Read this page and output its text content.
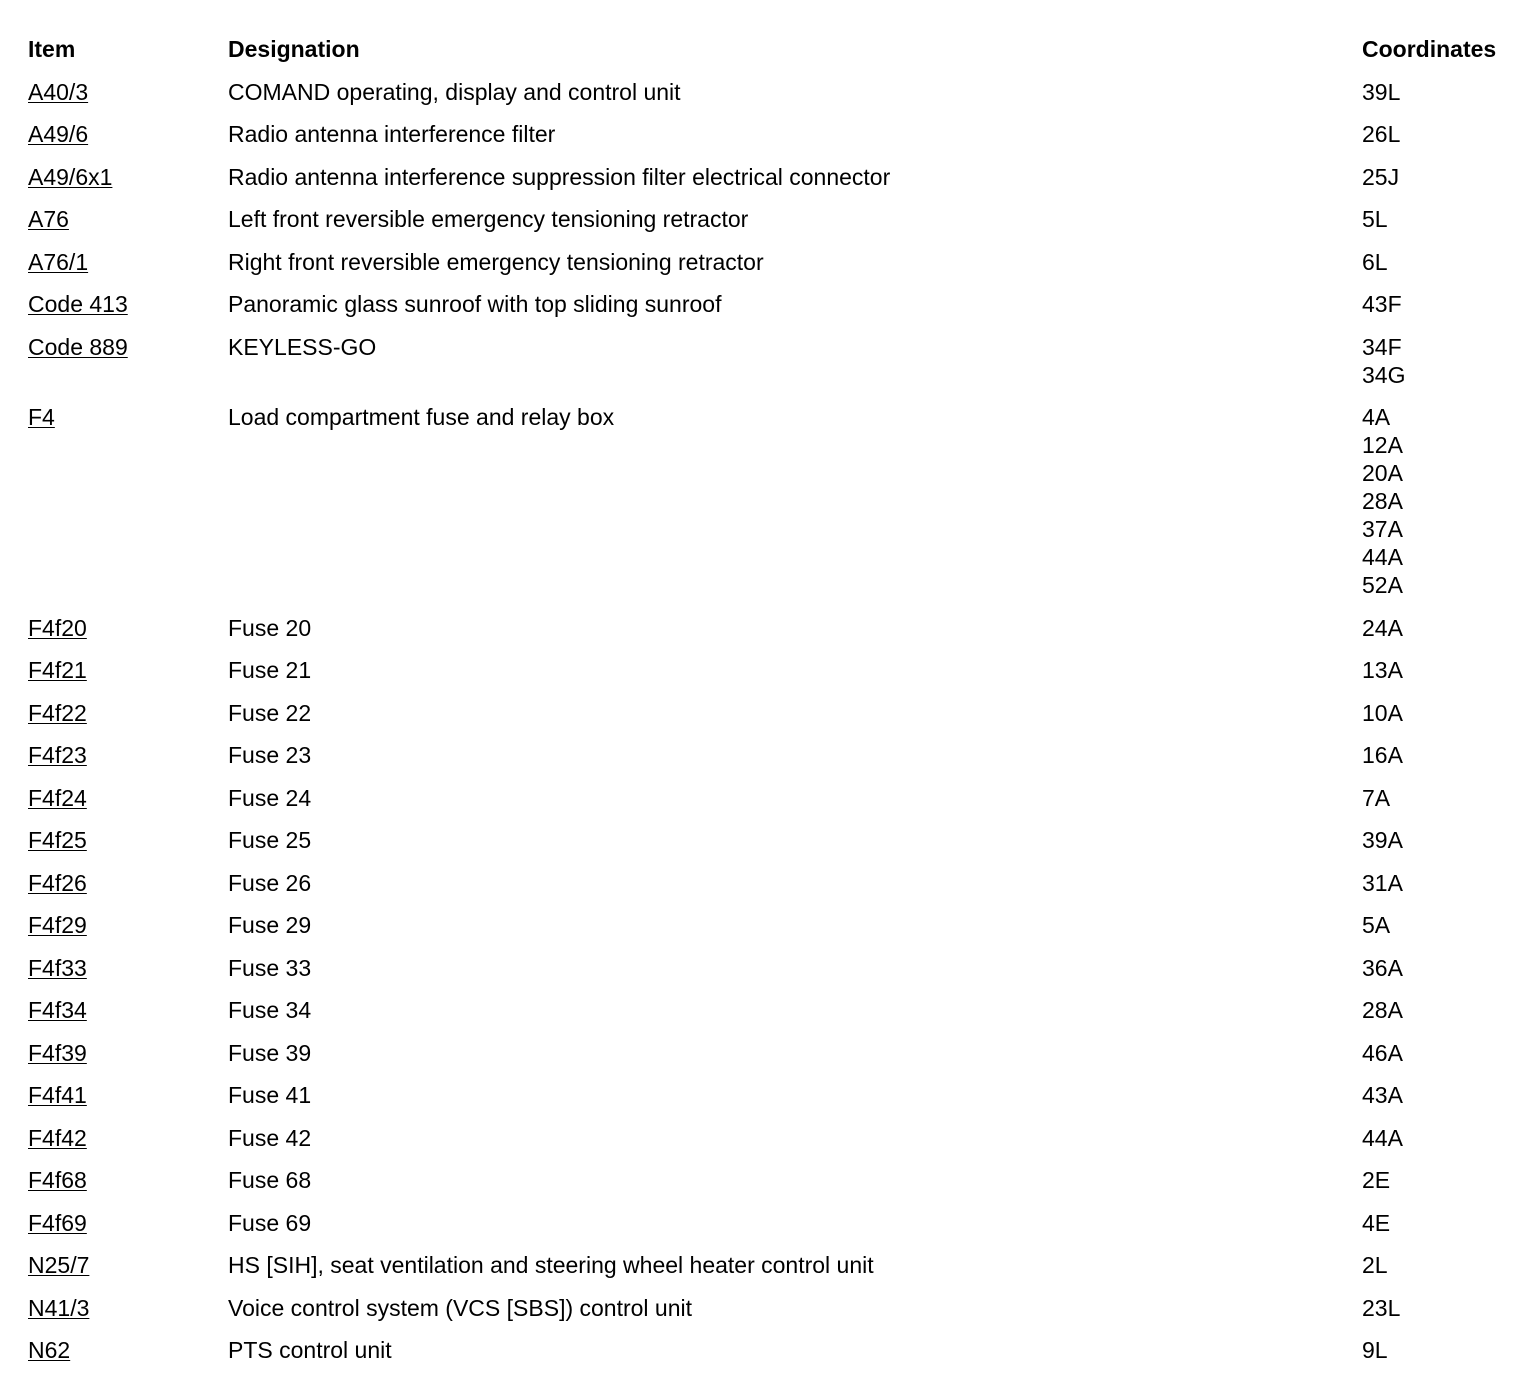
Item	Designation	Coordinates
A40/3	COMAND operating, display and control unit	39L
A49/6	Radio antenna interference filter	26L
A49/6x1	Radio antenna interference suppression filter electrical connector	25J
A76	Left front reversible emergency tensioning retractor	5L
A76/1	Right front reversible emergency tensioning retractor	6L
Code 413	Panoramic glass sunroof with top sliding sunroof	43F
Code 889	KEYLESS-GO	34F
34G
F4	Load compartment fuse and relay box	4A
12A
20A
28A
37A
44A
52A
F4f20	Fuse 20	24A
F4f21	Fuse 21	13A
F4f22	Fuse 22	10A
F4f23	Fuse 23	16A
F4f24	Fuse 24	7A
F4f25	Fuse 25	39A
F4f26	Fuse 26	31A
F4f29	Fuse 29	5A
F4f33	Fuse 33	36A
F4f34	Fuse 34	28A
F4f39	Fuse 39	46A
F4f41	Fuse 41	43A
F4f42	Fuse 42	44A
F4f68	Fuse 68	2E
F4f69	Fuse 69	4E
N25/7	HS [SIH], seat ventilation and steering wheel heater control unit	2L
N41/3	Voice control system (VCS [SBS]) control unit	23L
N62	PTS control unit	9L
